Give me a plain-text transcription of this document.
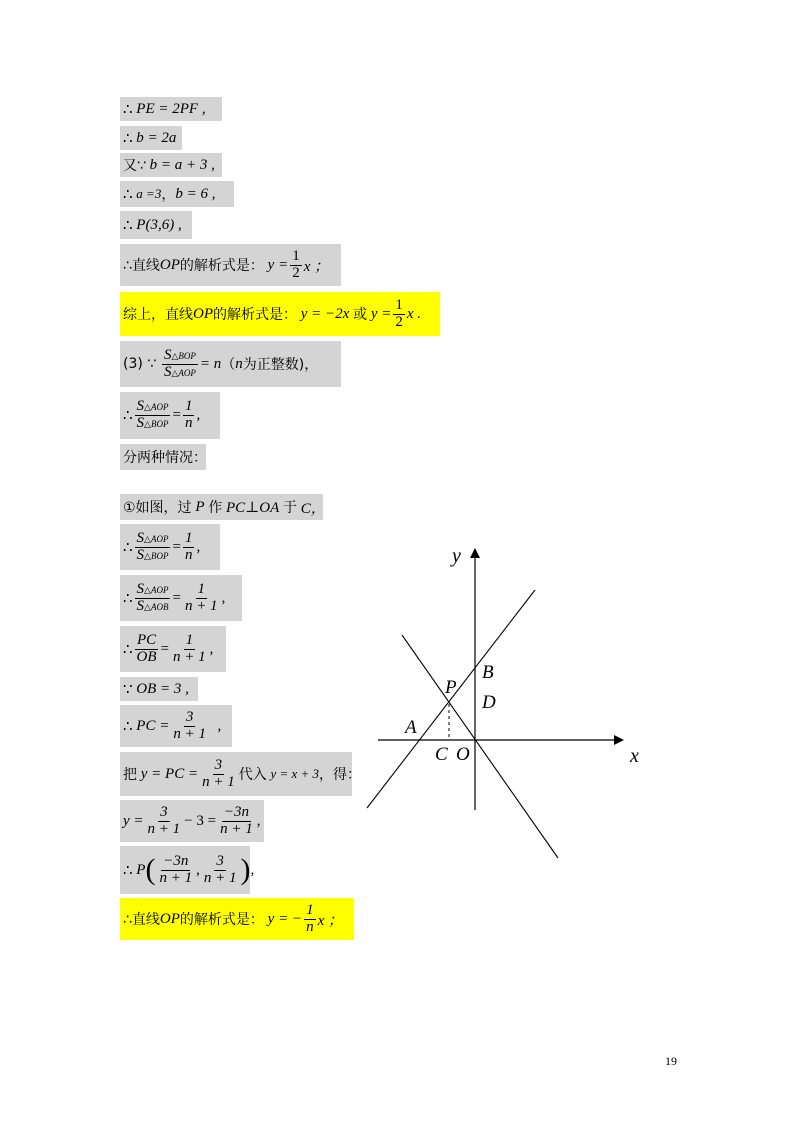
∴
PE = 2PF ,
∴
b = 2a
又∵
b = a + 3 ,
∴
a =3 ， b = 6 ,
∴
P(3,6) ,
∴直线 OP 的解析式是：
$y = \frac{1}{2}$ x ；
综上，直线 OP 的解析式是：
y = −2x
或
$y = \frac{1}{2}$ x .
(3) ∵
$\frac{\text{S△BOP}}{\text{S△AOP}} = n$ （ n 为正整数)，
∴ $\frac{\text{S△AOP}}{\text{S△BOP}} = \frac{1}{n}$ ,
分两种情况：
①如图，过
P
作
PC⊥OA
于
C，
∴ $\frac{\text{S△AOP}}{\text{S△BOP}} = \frac{1}{n}$ ,
∴ $\frac{\text{S△AOP}}{\text{S△AOB}} = \frac{1}{n + 1}$ ,
∴ $\frac{PC}{OB} = \frac{1}{n + 1}$ ,
∵
OB = 3 ,
∴
PC = $\frac{3}{n + 1}$
,
把
y = PC = $\frac{3}{n + 1}$ 代入
y = x + 3 ，得：
$y = \frac{3}{n + 1} - 3 = \frac{-3n}{n + 1}$ ,
∴
P ( $\frac{-3n}{n + 1}$ , $\frac{3}{n + 1}$ ) ,
∴直线 OP 的解析式是：
y = − $\frac{1}{n}$ x ；
y
x
B
D
P
A
C O
19
